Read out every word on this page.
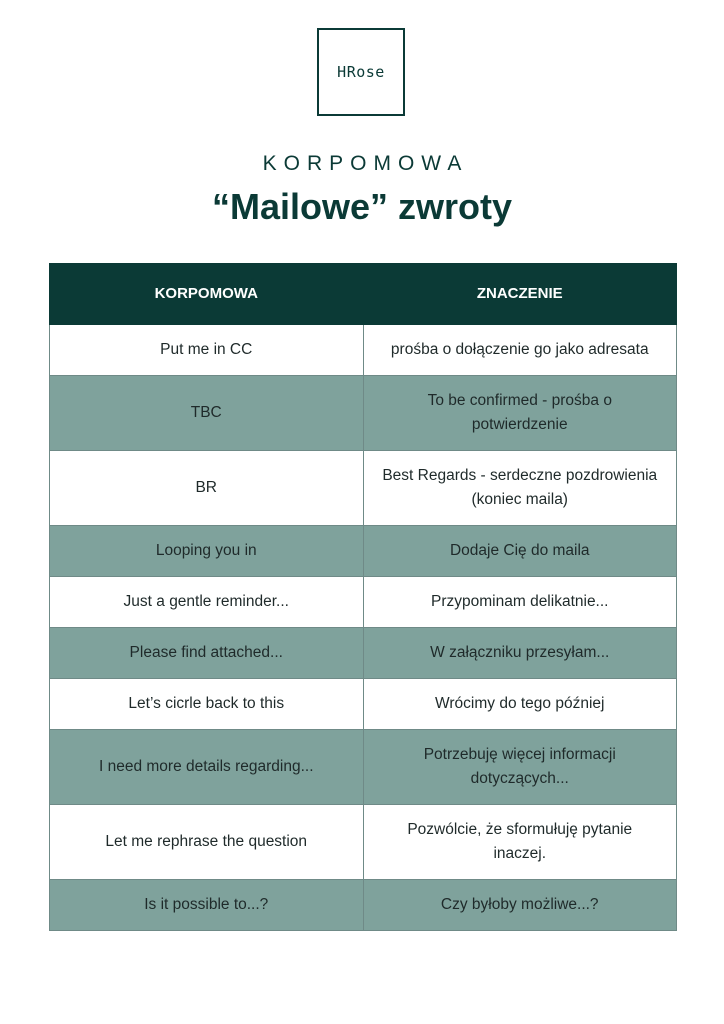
HRose
KORPOMOWA
“Mailowe” zwroty
KORPOMOWA	ZNACZENIE
Put me in CC	prośba o dołączenie go jako adresata
TBC	To be confirmed - prośba o potwierdzenie
BR	Best Regards - serdeczne pozdrowienia (koniec maila)
Looping you in	Dodaje Cię do maila
Just a gentle reminder...	Przypominam delikatnie...
Please find attached...	W załączniku przesyłam...
Let’s cicrle back to this	Wrócimy do tego później
I need more details regarding...	Potrzebuję więcej informacji dotyczących...
Let me rephrase the question	Pozwólcie, że sformułuję pytanie inaczej.
Is it possible to...?	Czy byłoby możliwe...?
